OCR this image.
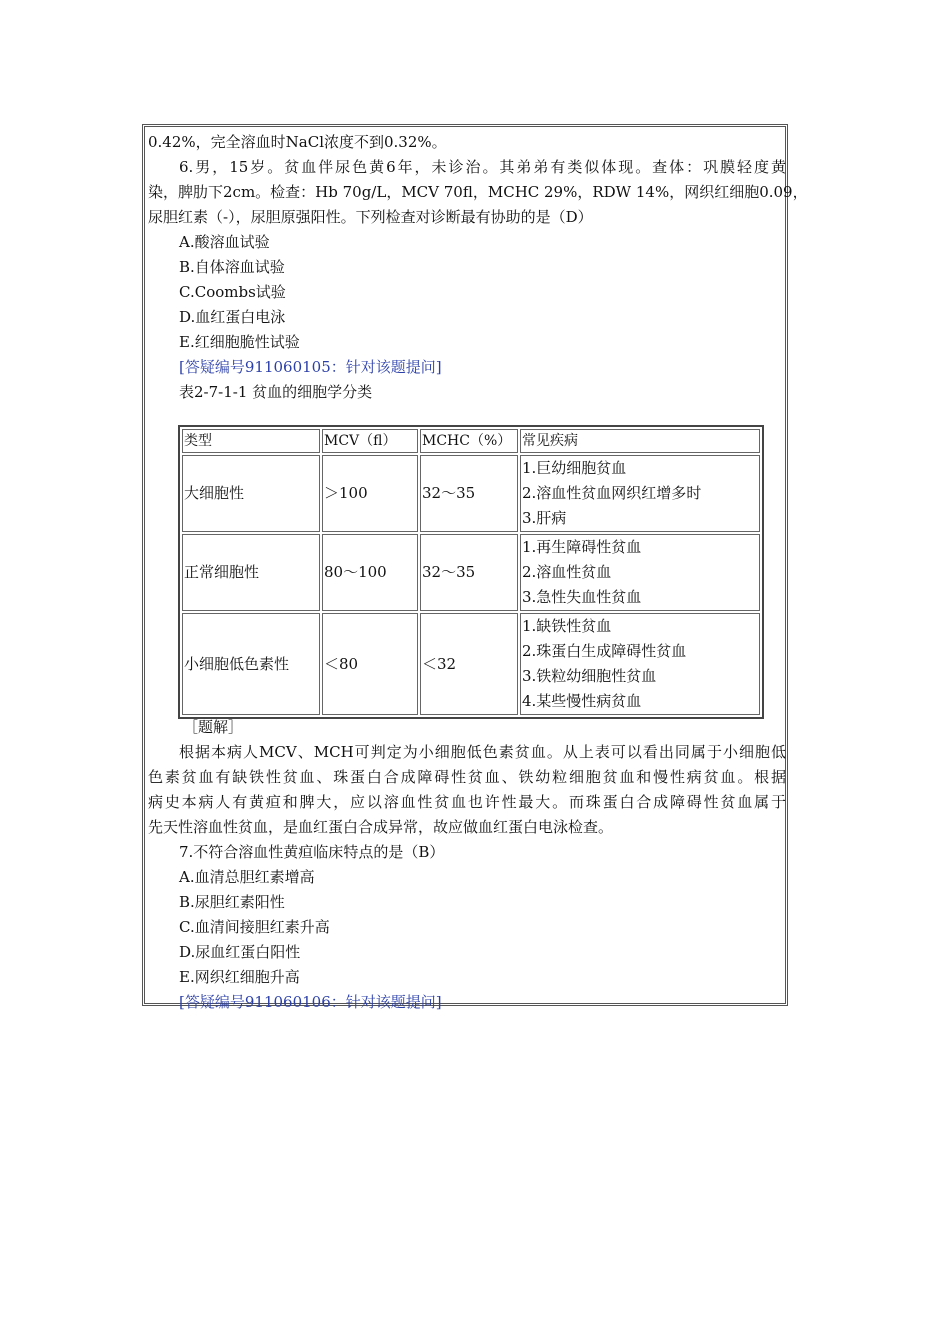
0.42%，完全溶血时NaCl浓度不到0.32%。
6.男，15岁。贫血伴尿色黄6年，未诊治。其弟弟有类似体现。查体：巩膜轻度黄
染，脾肋下2cm。检查：Hb 70g/L，MCV 70fl，MCHC 29%，RDW 14%，网织红细胞0.09，
尿胆红素（-），尿胆原强阳性。下列检查对诊断最有协助的是（D）
A.酸溶血试验
B.自体溶血试验
C.Coombs试验
D.血红蛋白电泳
E.红细胞脆性试验
[答疑编号911060105：针对该题提问]
表2-7-1-1 贫血的细胞学分类
类型	MCV（fl）	MCHC（%）	常见疾病
大细胞性	＞100	32～35	1.巨幼细胞贫血
2.溶血性贫血网织红增多时
3.肝病

正常细胞性	80～100	32～35	1.再生障碍性贫血
2.溶血性贫血
3.急性失血性贫血

小细胞低色素性	＜80	＜32	1.缺铁性贫血
2.珠蛋白生成障碍性贫血
3.铁粒幼细胞性贫血
4.某些慢性病贫血
［题解］
根据本病人MCV、MCH可判定为小细胞低色素贫血。从上表可以看出同属于小细胞低
色素贫血有缺铁性贫血、珠蛋白合成障碍性贫血、铁幼粒细胞贫血和慢性病贫血。根据
病史本病人有黄疸和脾大，应以溶血性贫血也许性最大。而珠蛋白合成障碍性贫血属于
先天性溶血性贫血，是血红蛋白合成异常，故应做血红蛋白电泳检查。
7.不符合溶血性黄疸临床特点的是（B）
A.血清总胆红素增高
B.尿胆红素阳性
C.血清间接胆红素升高
D.尿血红蛋白阳性
E.网织红细胞升高
[答疑编号911060106：针对该题提问]
